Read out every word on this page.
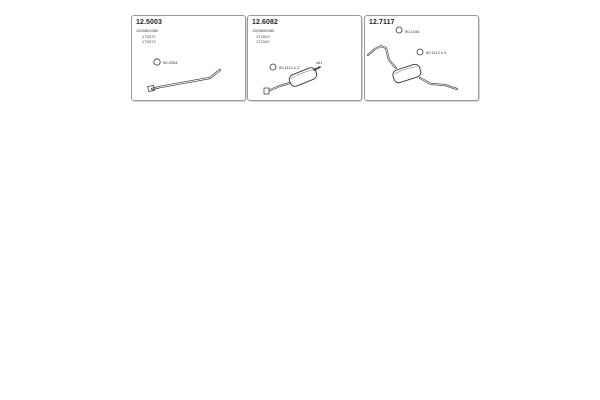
12.5003
1309802080
1T0072
1T0073
90.2054
12.6082
1309850080
1T2003
1T2042
60.1112 x 2
x51
12.7117
90.1034
60.1112 x 4
